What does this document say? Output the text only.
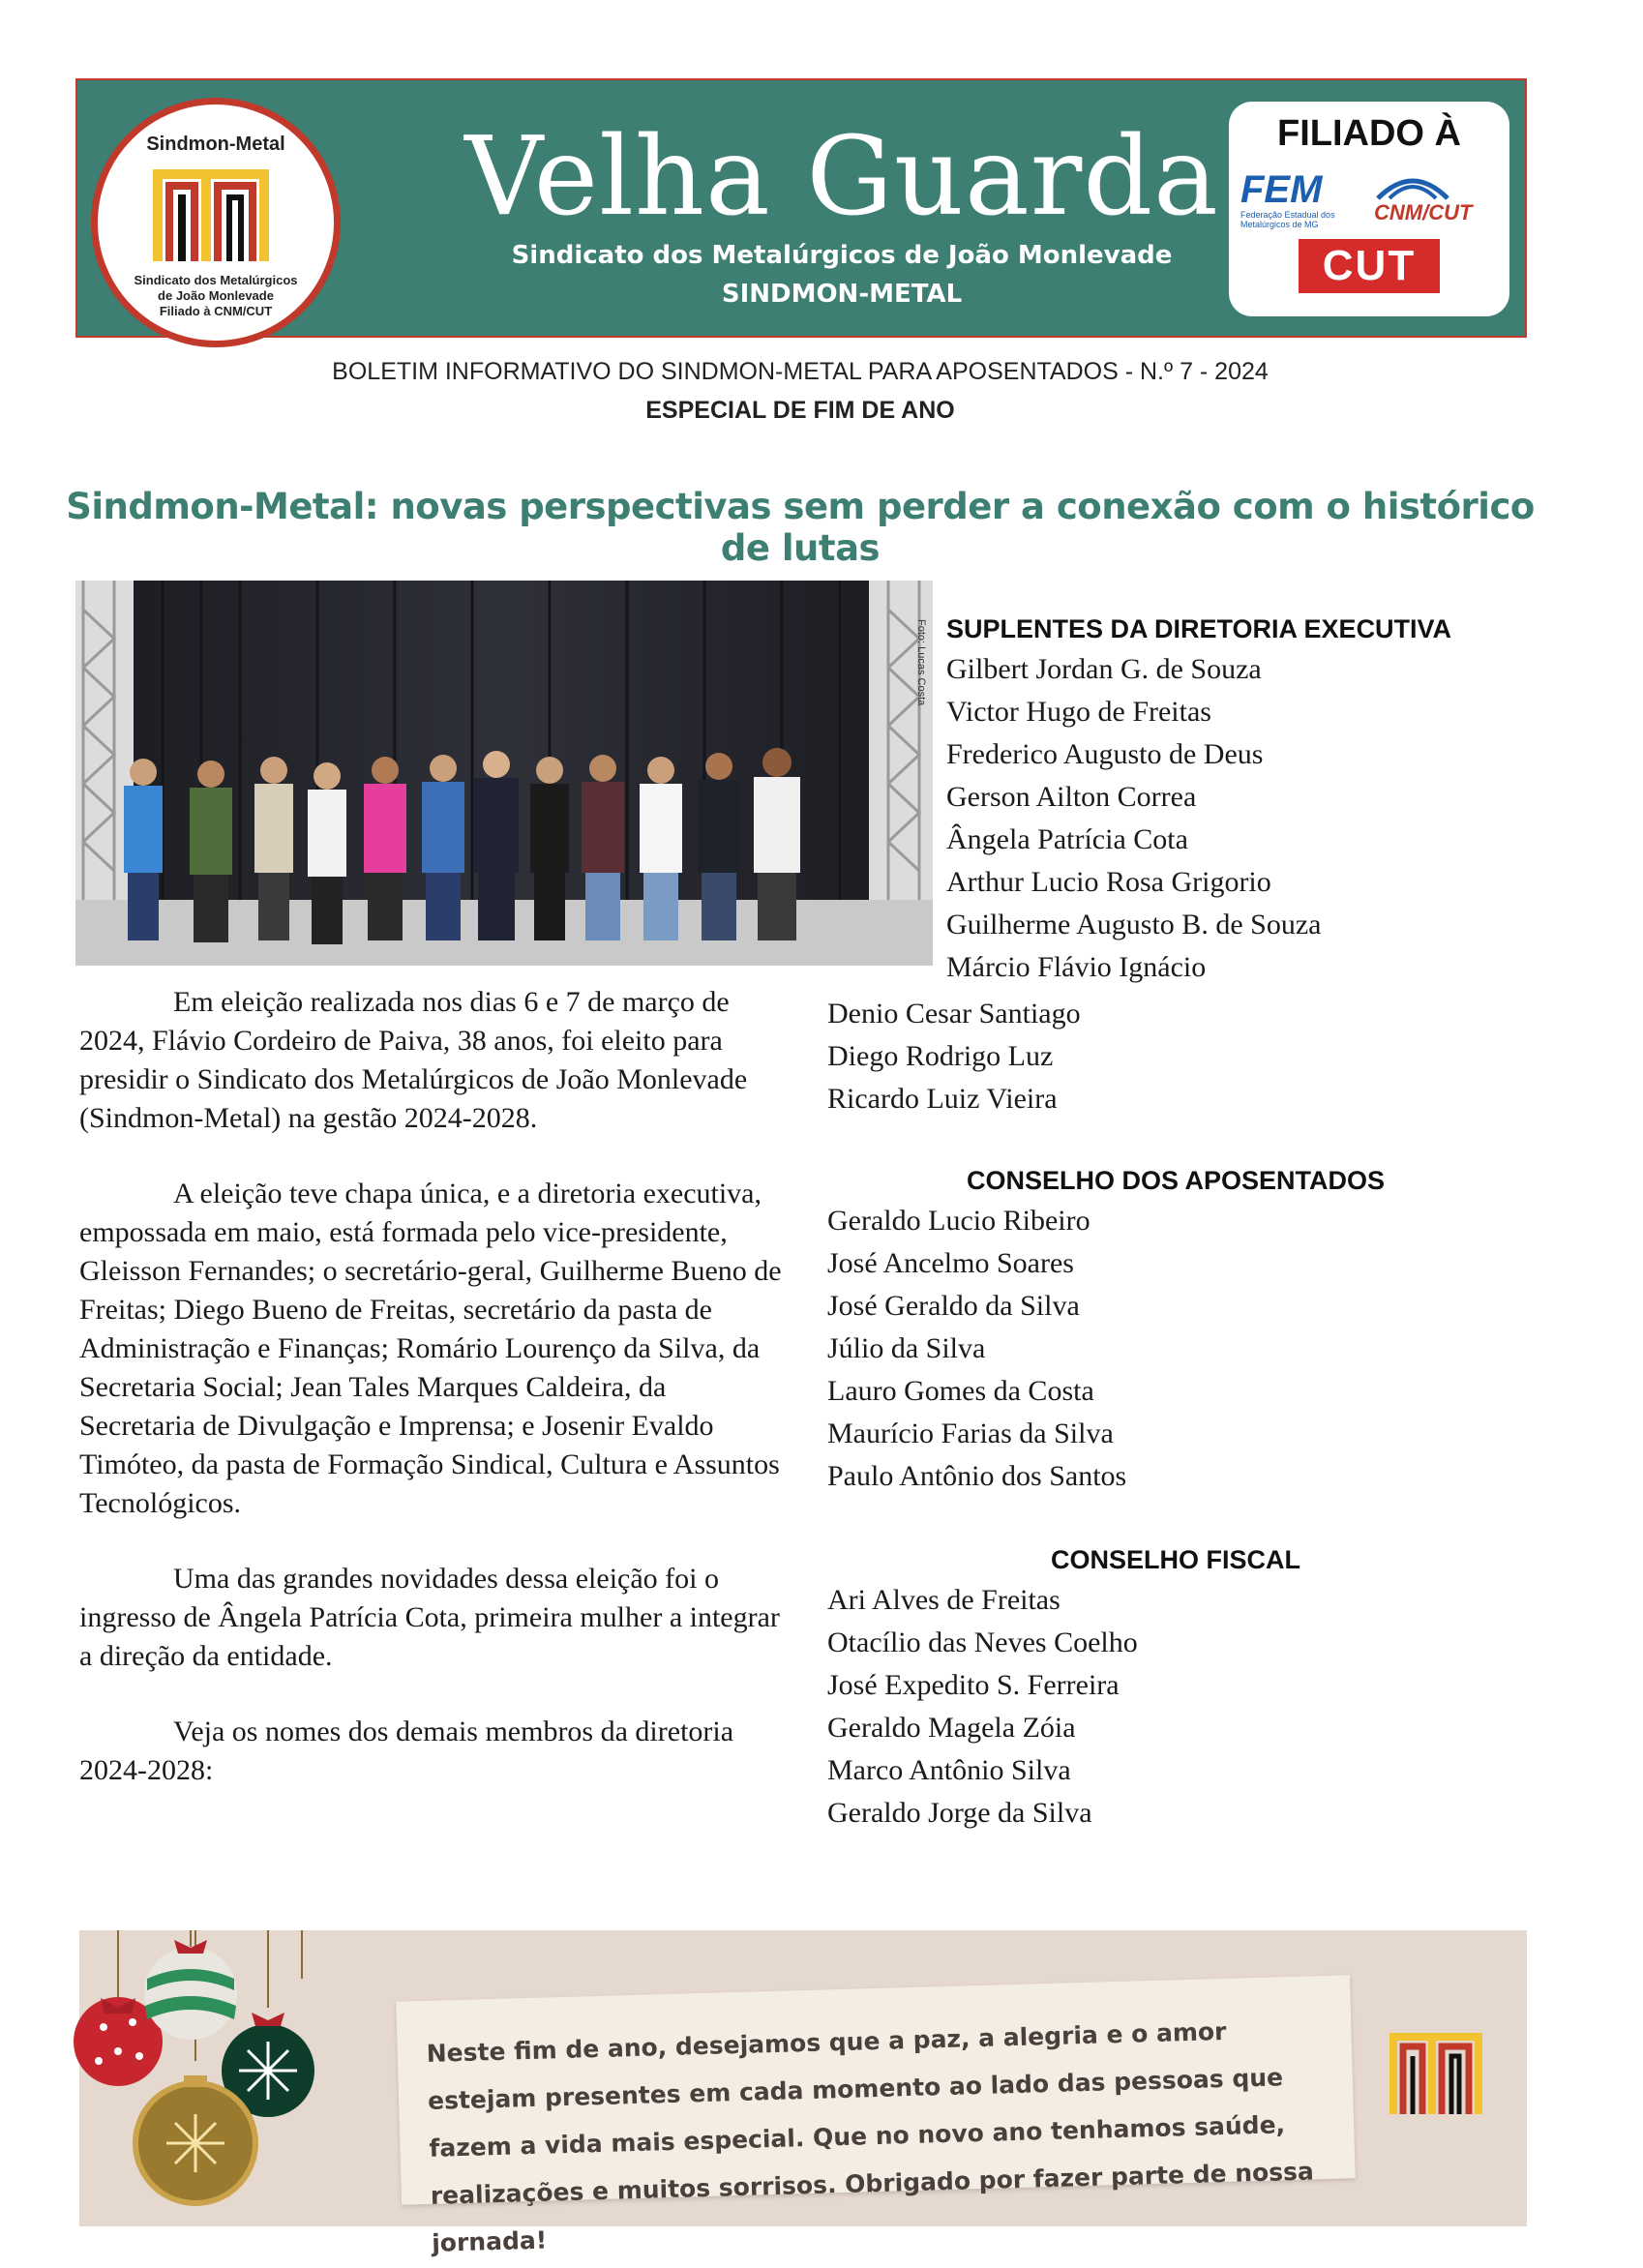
Sindmon-Metal
Sindicato dos Metalúrgicos
de João Monlevade
Filiado à CNM/CUT
Velha Guarda
Sindicato dos Metalúrgicos de João Monlevade
SINDMON-METAL
FILIADO À
FEM
Federação Estadual dos Metalúrgicos de MG	CNM/CUT
CUT
BOLETIM INFORMATIVO DO SINDMON-METAL PARA APOSENTADOS - N.º 7 - 2024
ESPECIAL DE FIM DE ANO
Sindmon-Metal: novas perspectivas sem perder a conexão com o histórico de lutas
Foto: Lucas Costa

Em eleição realizada nos dias 6 e 7 de março de 2024, Flávio Cordeiro de Paiva, 38 anos, foi eleito para presidir o Sindicato dos Metalúrgicos de João Monlevade (Sindmon-Metal) na gestão 2024-2028.

A eleição teve chapa única, e a diretoria executiva, empossada em maio, está formada pelo vice-presidente, Gleisson Fernandes; o secretário-geral, Guilherme Bueno de Freitas; Diego Bueno de Freitas, secretário da pasta de Administração e Finanças; Romário Lourenço da Silva, da Secretaria Social; Jean Tales Marques Caldeira, da Secretaria de Divulgação e Imprensa; e Josenir Evaldo Timóteo, da pasta de Formação Sindical, Cultura e Assuntos Tecnológicos.

Uma das grandes novidades dessa eleição foi o ingresso de Ângela Patrícia Cota, primeira mulher a integrar a direção da entidade.

Veja os nomes dos demais membros da diretoria 2024-2028:

SUPLENTES DA DIRETORIA EXECUTIVA
Gilbert Jordan G. de Souza
Victor Hugo de Freitas
Frederico Augusto de Deus
Gerson Ailton Correa
Ângela Patrícia Cota
Arthur Lucio Rosa Grigorio
Guilherme Augusto B. de Souza
Márcio Flávio Ignácio
Denio Cesar Santiago
Diego Rodrigo Luz
Ricardo Luiz Vieira
CONSELHO DOS APOSENTADOS
Geraldo Lucio Ribeiro
José Ancelmo Soares
José Geraldo da Silva
Júlio da Silva
Lauro Gomes da Costa
Maurício Farias da Silva
Paulo Antônio dos Santos
CONSELHO FISCAL
Ari Alves de Freitas
Otacílio das Neves Coelho
José Expedito S. Ferreira
Geraldo Magela Zóia
Marco Antônio Silva
Geraldo Jorge da Silva
Neste fim de ano, desejamos que a paz, a alegria e o amor estejam presentes em cada momento ao lado das pessoas que fazem a vida mais especial. Que no novo ano tenhamos saúde, realizações e muitos sorrisos. Obrigado por fazer parte de nossa jornada!
